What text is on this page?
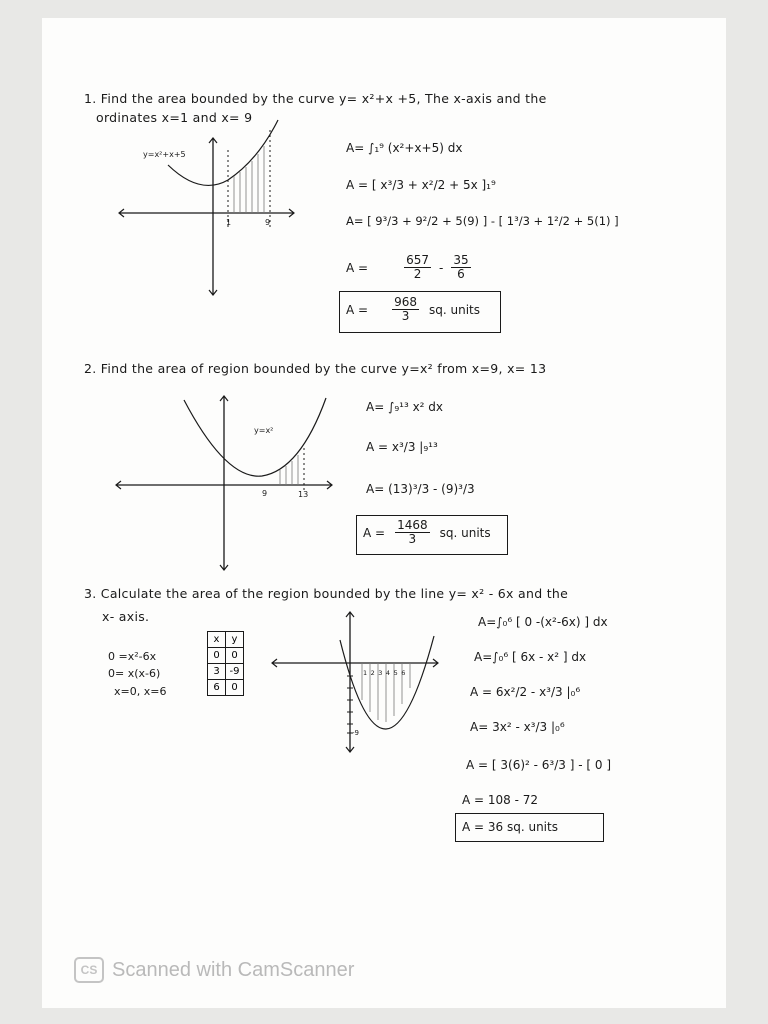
1. Find the area bounded by the curve y= x²+x +5, The x-axis and the
ordinates x=1 and x= 9
y=x²+x+5
1	9
A= ∫₁⁹ (x²+x+5) dx
A = [ x³/3 + x²/2 + 5x ]₁⁹
A= [ 9³/3 + 9²/2 + 5(9) ] - [ 1³/3 + 1²/2 + 5(1) ]
A =	$\frac{657}{2} - \frac{35}{6}$
$A = \frac{968}{3}$ sq. units
2. Find the area of region bounded by the curve y=x² from x=9, x= 13
y=x²
9	13
A= ∫₉¹³ x² dx
A = x³/3 |₉¹³
A= (13)³/3 - (9)³/3
$A = \frac{1468}{3}$ sq. units
3. Calculate the area of the region bounded by the line y= x² - 6x and the
x- axis.
0 =x²-6x
0= x(x-6)
x=0, x=6
x	y
0	0
3	-9
6	0
123456
-9
A=∫₀⁶ [ 0 -(x²-6x) ] dx
A=∫₀⁶ [ 6x - x² ] dx
A = 6x²/2 - x³/3 |₀⁶
A= 3x² - x³/3 |₀⁶
A = [ 3(6)² - 6³/3 ] - [ 0 ]
A = 108 - 72
A = 36 sq. units
CS Scanned with CamScanner
